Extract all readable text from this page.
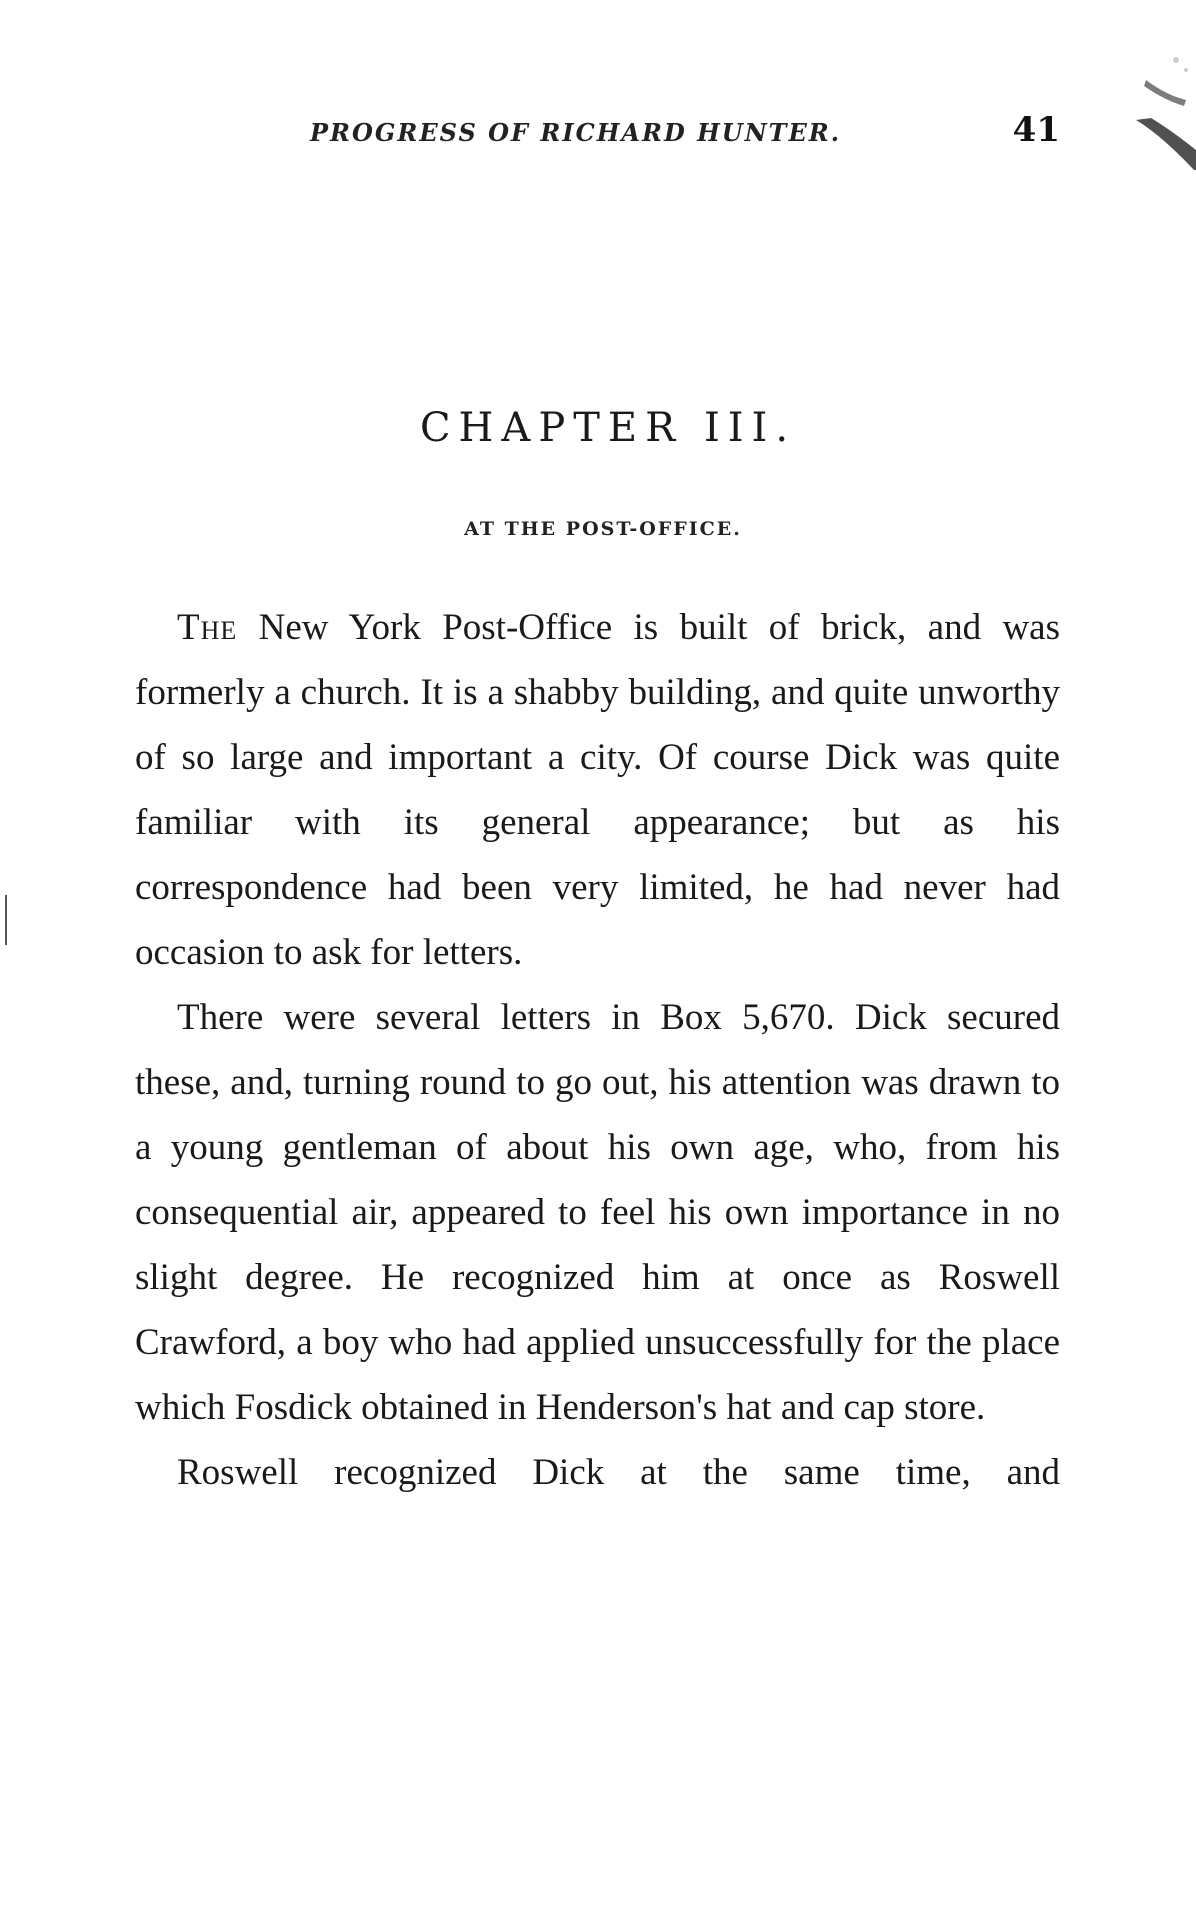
PROGRESS OF RICHARD HUNTER.	41
CHAPTER III.
AT THE POST-OFFICE.

The New York Post-Office is built of brick, and was formerly a church. It is a shabby building, and quite unworthy of so large and important a city. Of course Dick was quite familiar with its general appearance; but as his correspondence had been very limited, he had never had occasion to ask for letters.

There were several letters in Box 5,670. Dick secured these, and, turning round to go out, his attention was drawn to a young gentleman of about his own age, who, from his consequential air, appeared to feel his own importance in no slight degree. He recognized him at once as Roswell Crawford, a boy who had applied unsuccessfully for the place which Fosdick obtained in Henderson's hat and cap store.

Roswell recognized Dick at the same time, and
